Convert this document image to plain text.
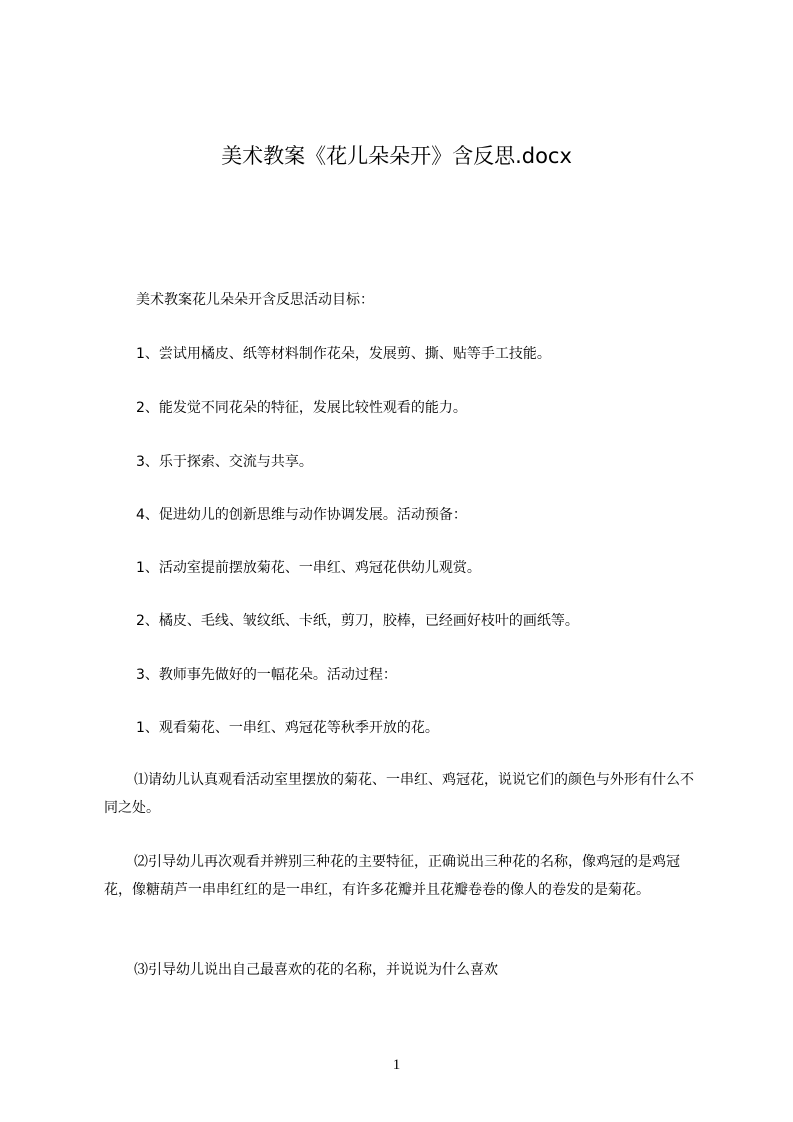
美术教案《花儿朵朵开》含反思.docx

美术教案花儿朵朵开含反思活动目标：

1、尝试用橘皮、纸等材料制作花朵，发展剪、撕、贴等手工技能。

2、能发觉不同花朵的特征，发展比较性观看的能力。

3、乐于探索、交流与共享。

4、促进幼儿的创新思维与动作协调发展。活动预备：

1、活动室提前摆放菊花、一串红、鸡冠花供幼儿观赏。

2、橘皮、毛线、皱纹纸、卡纸，剪刀，胶棒，已经画好枝叶的画纸等。

3、教师事先做好的一幅花朵。活动过程：

1、观看菊花、一串红、鸡冠花等秋季开放的花。

⑴请幼儿认真观看活动室里摆放的菊花、一串红、鸡冠花，说说它们的颜色与外形有什么不同之处。

⑵引导幼儿再次观看并辨别三种花的主要特征，正确说出三种花的名称，像鸡冠的是鸡冠花，像糖葫芦一串串红红的是一串红，有许多花瓣并且花瓣卷卷的像人的卷发的是菊花。

⑶引导幼儿说出自己最喜欢的花的名称，并说说为什么喜欢

1
